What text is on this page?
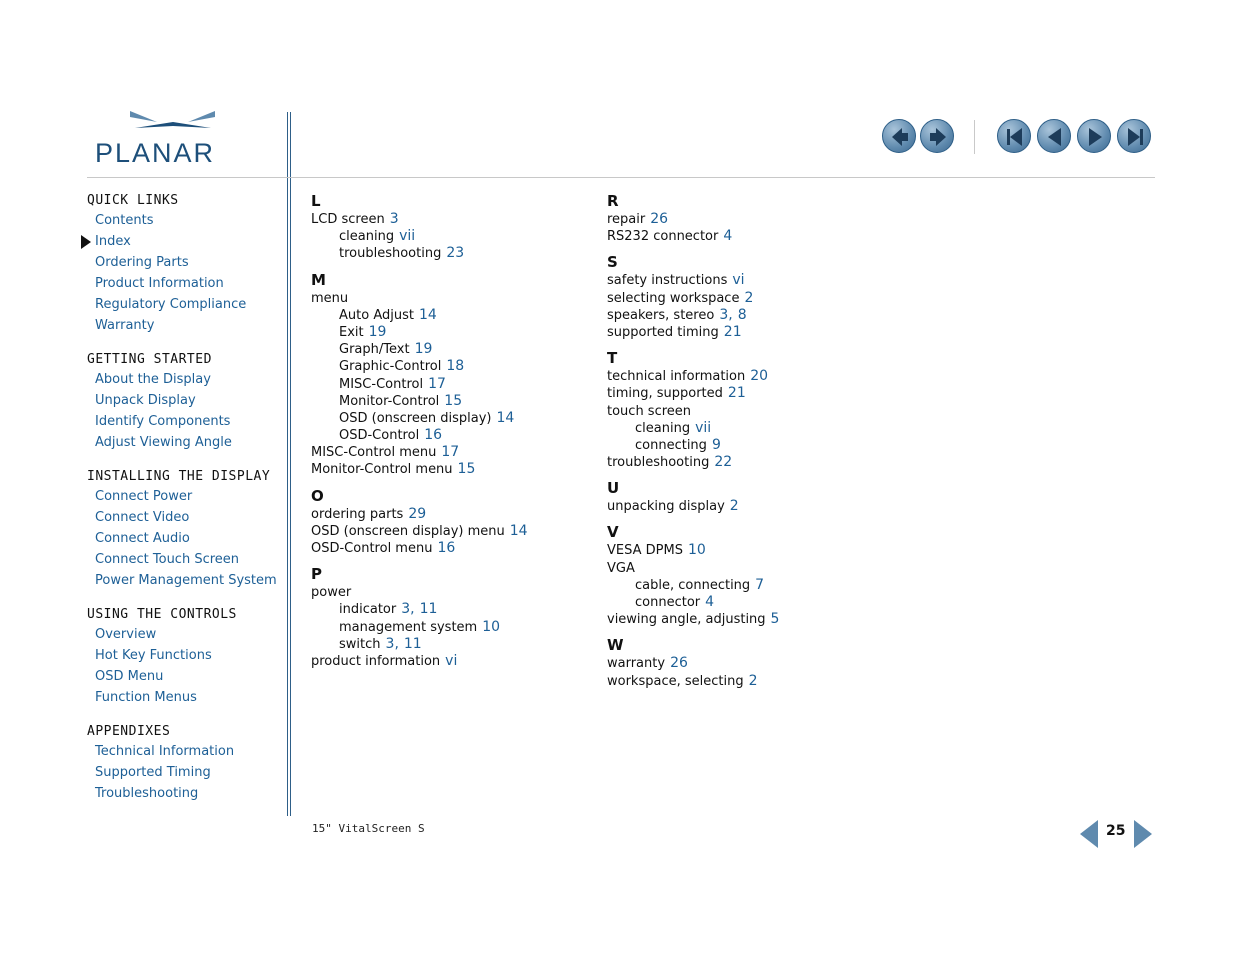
PLANAR
QUICK LINKS
Contents
Index
Ordering Parts
Product Information
Regulatory Compliance
Warranty
GETTING STARTED
About the Display
Unpack Display
Identify Components
Adjust Viewing Angle
INSTALLING THE DISPLAY
Connect Power
Connect Video
Connect Audio
Connect Touch Screen
Power Management System
USING THE CONTROLS
Overview
Hot Key Functions
OSD Menu
Function Menus
APPENDIXES
Technical Information
Supported Timing
Troubleshooting
L
LCD screen 3
cleaning vii
troubleshooting 23
M
menu
Auto Adjust 14
Exit 19
Graph/Text 19
Graphic-Control 18
MISC-Control 17
Monitor-Control 15
OSD (onscreen display) 14
OSD-Control 16
MISC-Control menu 17
Monitor-Control menu 15
O
ordering parts 29
OSD (onscreen display) menu 14
OSD-Control menu 16
P
power
indicator 3, 11
management system 10
switch 3, 11
product information vi
R
repair 26
RS232 connector 4
S
safety instructions vi
selecting workspace 2
speakers, stereo 3, 8
supported timing 21
T
technical information 20
timing, supported 21
touch screen
cleaning vii
connecting 9
troubleshooting 22
U
unpacking display 2
V
VESA DPMS 10
VGA
cable, connecting 7
connector 4
viewing angle, adjusting 5
W
warranty 26
workspace, selecting 2
15" VitalScreen S	25
